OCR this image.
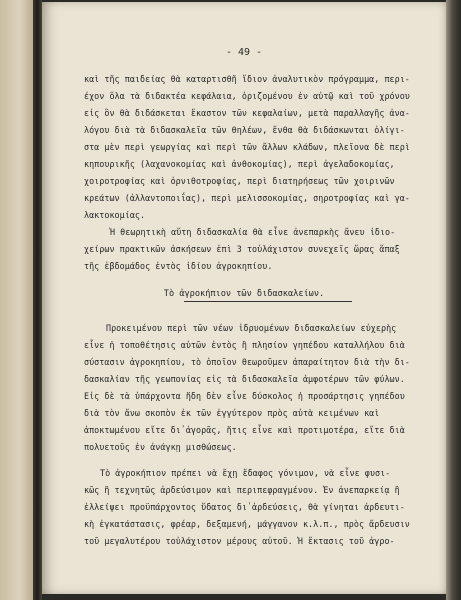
- 49 -
καὶ τῆς παιδείας θὰ καταρτισθῆ ἴδιον ἀναλυτικὸν πρόγραμμα, περι-
έχον ὅλα τὰ διδακτέα κεφάλαια, ὁριζομένου ἐν αὐτῷ καὶ τοῦ χρόνου
εἰς ὃν θὰ διδάσκεται ἕκαστον τῶν κεφαλαίων, μετὰ παραλλαγῆς ἀνα-
λόγου διὰ τὰ διδασκαλεῖα τῶν θηλέων, ἔνθα θὰ διδάσκωνται ὀλίγι-
στα μὲν περὶ γεωργίας καὶ περὶ τῶν ἄλλων κλάδων, πλεῖονα δὲ περὶ
κηπουρικῆς (λαχανοκομίας καὶ ἀνθοκομίας), περὶ ἀγελαδοκομίας,
χοιροτροφίας καὶ ὀρνιθοτροφίας, περὶ διατηρήσεως τῶν χοιρινῶν
κρεάτων (ἀλλαντοποιΐας), περὶ μελισσοκομίας, σηροτροφίας καὶ γα-
λακτοκομίας.
Ἡ θεωρητικὴ αὕτη διδασκαλία θὰ εἶνε ἀνεπαρκὴς ἄνευ ἰδιο-
χείρων πρακτικῶν ἀσκήσεων ἐπὶ 3 τοὐλάχιστον συνεχεῖς ὥρας ἅπαξ
τῆς ἑβδομάδος ἐντὸς ἰδίου ἀγροκηπίου.
Τὸ ἀγροκήπιον τῶν διδασκαλείων.
Προκειμένου περὶ τῶν νέων ἱδρυομένων διδασκαλείων εὐχερὴς
εἶνε ἡ τοποθέτησις αὐτῶν ἐντὸς ἢ πλησίον γηπέδου καταλλήλου διὰ
σύστασιν ἀγροκηπίου, τὸ ὁποῖον θεωροῦμεν ἀπαραίτητον διὰ τὴν δι-
δασκαλίαν τῆς γεωπονίας εἰς τὰ διδασκαλεῖα ἀμφοτέρων τῶν φύλων.
Εἰς δὲ τὰ ὑπάρχοντα ἤδη δὲν εἶνε δύσκολος ἡ προσάρτησις γηπέδου
διὰ τὸν ἄνω σκοπὸν ἐκ τῶν ἐγγύτερον πρὸς αὐτὰ κειμένων καὶ
ἀποκτωμένου εἴτε δι᾿ἀγορᾶς, ἥτις εἶνε καὶ προτιμοτέρα, εἴτε διὰ
πολυετοῦς ἐν ἀνάγκῃ μισθώσεως.
Τὸ ἀγροκήπιον πρέπει νὰ ἔχῃ ἔδαφος γόνιμον, νὰ εἶνε φυσι-
κῶς ἢ τεχνητῶς ἀρδεύσιμον καὶ περιπεφραγμένον. Ἐν ἀνεπαρκείᾳ ἢ
ἐλλείψει προϋπάρχοντος ὕδατος δι᾿ἀρδεύσεις, θὰ γίνηται ἀρδευτι-
κὴ ἐγκατάστασις, φρέαρ, δεξαμενή, μάγγανον κ.λ.π., πρὸς ἄρδευσιν
τοῦ μεγαλυτέρου τοὐλάχιστον μέρους αὐτοῦ. Ἡ ἔκτασις τοῦ ἀγρο-
